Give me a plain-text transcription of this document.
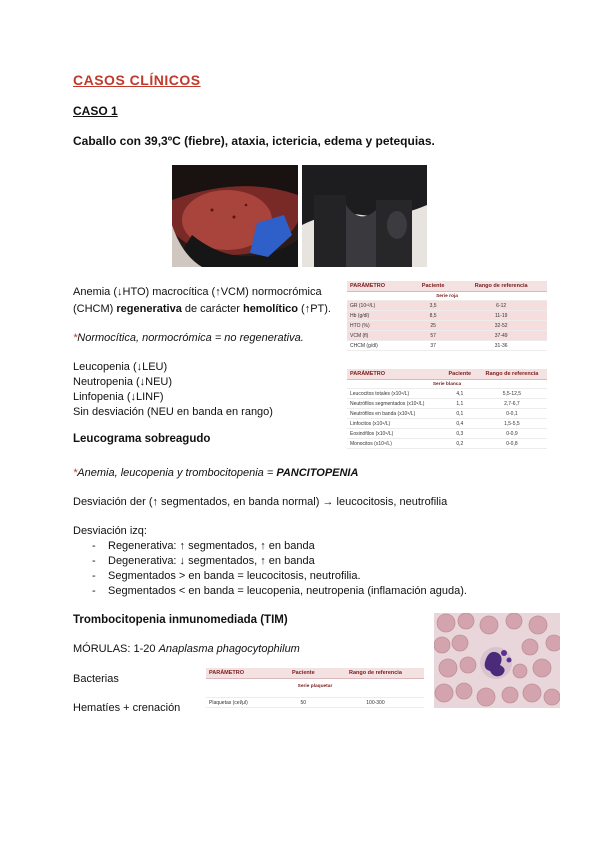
CASOS CLÍNICOS
CASO 1
Caballo con 39,3ºC (fiebre), ataxia, ictericia, edema y petequias.
Anemia (↓HTO) macrocítica (↑VCM) normocrómica
(CHCM) regenerativa de carácter hemolítico (↑PT).
*Normocítica, normocrómica = no regenerativa.
Leucopenia (↓LEU)
Neutropenia (↓NEU)
Linfopenia (↓LINF)
Sin desviación (NEU en banda en rango)
Leucograma sobreagudo
PARÁMETRO	Paciente	Rango de referencia
Serie roja		
GR (10¹²/L)	3,5	6-12
Hb (g/dl)	8,5	11-19
HTO (%)	25	32-52
VCM (fl)	57	37-49
CHCM (g/dl)	37	31-36
PARÁMETRO	Paciente	Rango de referencia
Serie blanca		
Leucocitos totales (x10⁹/L)	4,1	5,5-12,5
Neutrófilos segmentados (x10⁹/L)	1,1	2,7-6,7
Neutrófilos en banda (x10⁹/L)	0,1	0-0,1
Linfocitos (x10⁹/L)	0,4	1,5-5,5
Eosinófilos (x10⁹/L)	0,3	0-0,9
Monocitos (x10⁹/L)	0,2	0-0,8
*Anemia, leucopenia y trombocitopenia = PANCITOPENIA
Desviación der (↑ segmentados, en banda normal) → leucocitosis, neutrofilia
Desviación izq:
- Regenerativa: ↑ segmentados, ↑ en banda
- Degenerativa: ↓ segmentados, ↑ en banda
- Segmentados > en banda = leucocitosis, neutrofilia.
- Segmentados < en banda = leucopenia, neutropenia (inflamación aguda).
Trombocitopenia inmunomediada (TIM)
MÓRULAS: 1-20 Anaplasma phagocytophilum
Bacterias
Hematíes + crenación
PARÁMETRO	Paciente	Rango de referencia
Serie plaquetar		
Plaquetas (cel/μl)	50	100-300
